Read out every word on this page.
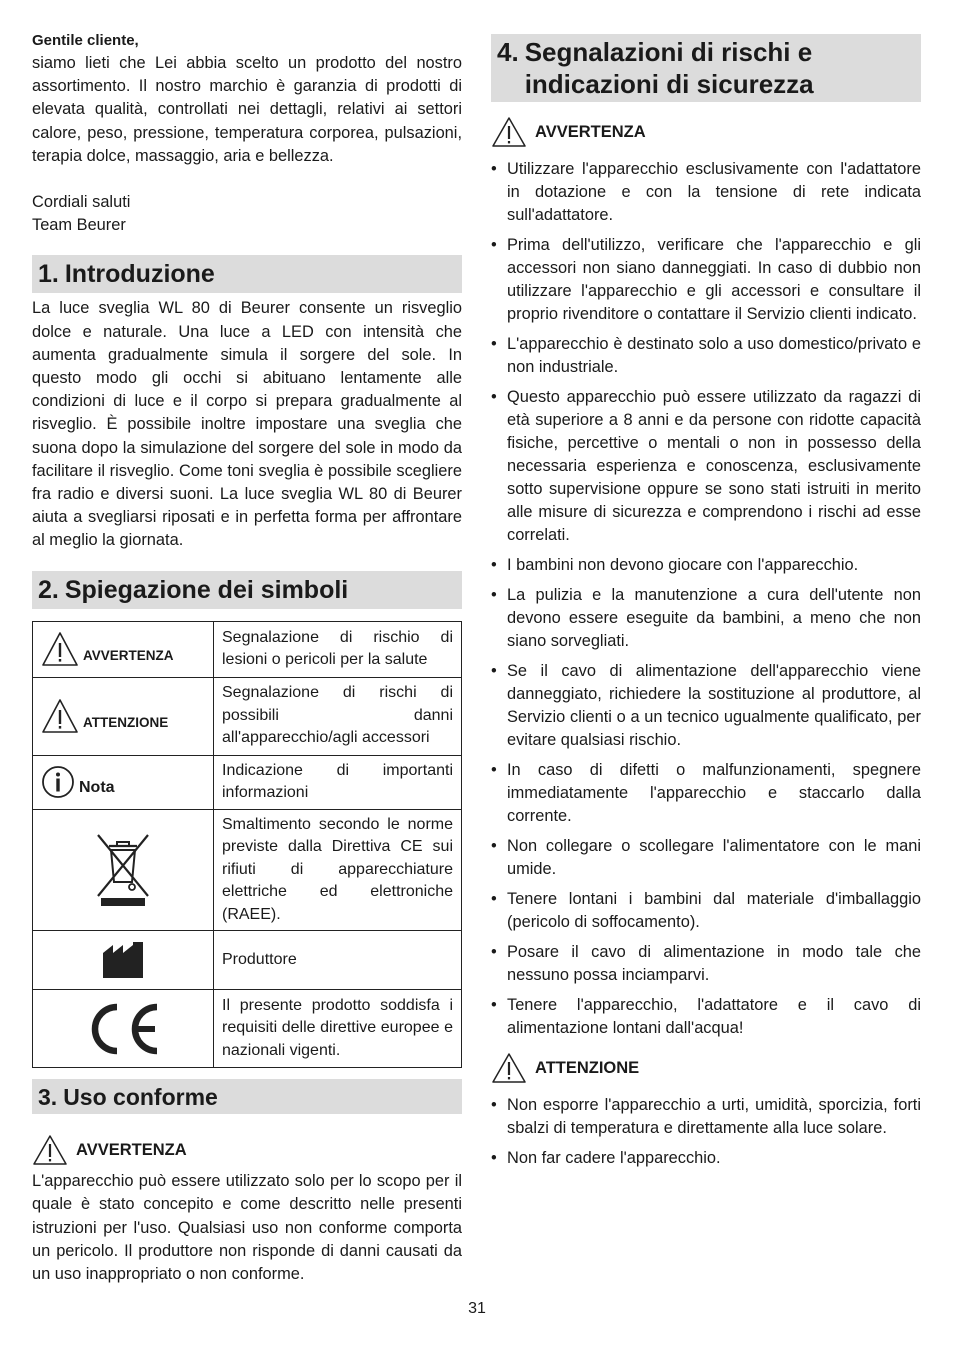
Gentile cliente,

siamo lieti che Lei abbia scelto un prodotto del nostro assortimento. Il nostro marchio è garanzia di prodotti di elevata qualità, controllati nei dettagli, relativi ai settori calore, peso, pressione, temperatura corporea, pulsazioni, terapia dolce, massaggio, aria e bellezza.

Cordiali saluti

Team Beurer

1. Introduzione

La luce sveglia WL 80 di Beurer consente un risveglio dolce e naturale. Una luce a LED con intensità che aumenta gradualmente simula il sorgere del sole. In questo modo gli occhi si abituano lentamente alle condizioni di luce e il corpo si prepara gradualmente al risveglio. È possibile inoltre impostare una sveglia che suona dopo la simulazione del sorgere del sole in modo da facilitare il risveglio. Come toni sveglia è possibile scegliere fra radio e diversi suoni. La luce sveglia WL 80 di Beurer aiuta a svegliarsi riposati e in perfetta forma per affrontare al meglio la giornata.

2. Spiegazione dei simboli
AVVERTENZA	Segnalazione di rischio di lesioni o pericoli per la salute

ATTENZIONE	Segnalazione di rischi di possibili danni all'apparecchio/agli accessori

Nota	Indicazione di importanti informazioni

	Smaltimento secondo le norme previste dalla Direttiva CE sui rifiuti di apparecchiature elettriche ed elettroniche (RAEE).

	Produttore

	Il presente prodotto soddisfa i requisiti delle direttive europee e nazionali vigenti.
3. Uso conforme
AVVERTENZA

L'apparecchio può essere utilizzato solo per lo scopo per il quale è stato concepito e come descritto nelle presenti istruzioni per l'uso. Qualsiasi uso non conforme comporta un pericolo. Il produttore non risponde di danni causati da un uso inappropriato o non conforme.

4. Segnalazioni di rischi e indicazioni di sicurezza
AVVERTENZA
• Utilizzare l'apparecchio esclusivamente con l'adattatore in dotazione e con la tensione di rete indicata sull'adattatore.
• Prima dell'utilizzo, verificare che l'apparecchio e gli accessori non siano danneggiati. In caso di dubbio non utilizzare l'apparecchio e gli accessori e consultare il proprio rivenditore o contattare il Servizio clienti indicato.
• L'apparecchio è destinato solo a uso domestico/privato e non industriale.
• Questo apparecchio può essere utilizzato da ragazzi di età superiore a 8 anni e da persone con ridotte capacità fisiche, percettive o mentali o non in possesso della necessaria esperienza e conoscenza, esclusivamente sotto supervisione oppure se sono stati istruiti in merito alle misure di sicurezza e comprendono i rischi ad esse correlati.
• I bambini non devono giocare con l'apparecchio.
• La pulizia e la manutenzione a cura dell'utente non devono essere eseguite da bambini, a meno che non siano sorvegliati.
• Se il cavo di alimentazione dell'apparecchio viene danneggiato, richiedere la sostituzione al produttore, al Servizio clienti o a un tecnico ugualmente qualificato, per evitare qualsiasi rischio.
• In caso di difetti o malfunzionamenti, spegnere immediatamente l'apparecchio e staccarlo dalla corrente.
• Non collegare o scollegare l'alimentatore con le mani umide.
• Tenere lontani i bambini dal materiale d'imballaggio (pericolo di soffocamento).
• Posare il cavo di alimentazione in modo tale che nessuno possa inciamparvi.
• Tenere l'apparecchio, l'adattatore e il cavo di alimentazione lontani dall'acqua!
ATTENZIONE
• Non esporre l'apparecchio a urti, umidità, sporcizia, forti sbalzi di temperatura e direttamente alla luce solare.
• Non far cadere l'apparecchio.
31
